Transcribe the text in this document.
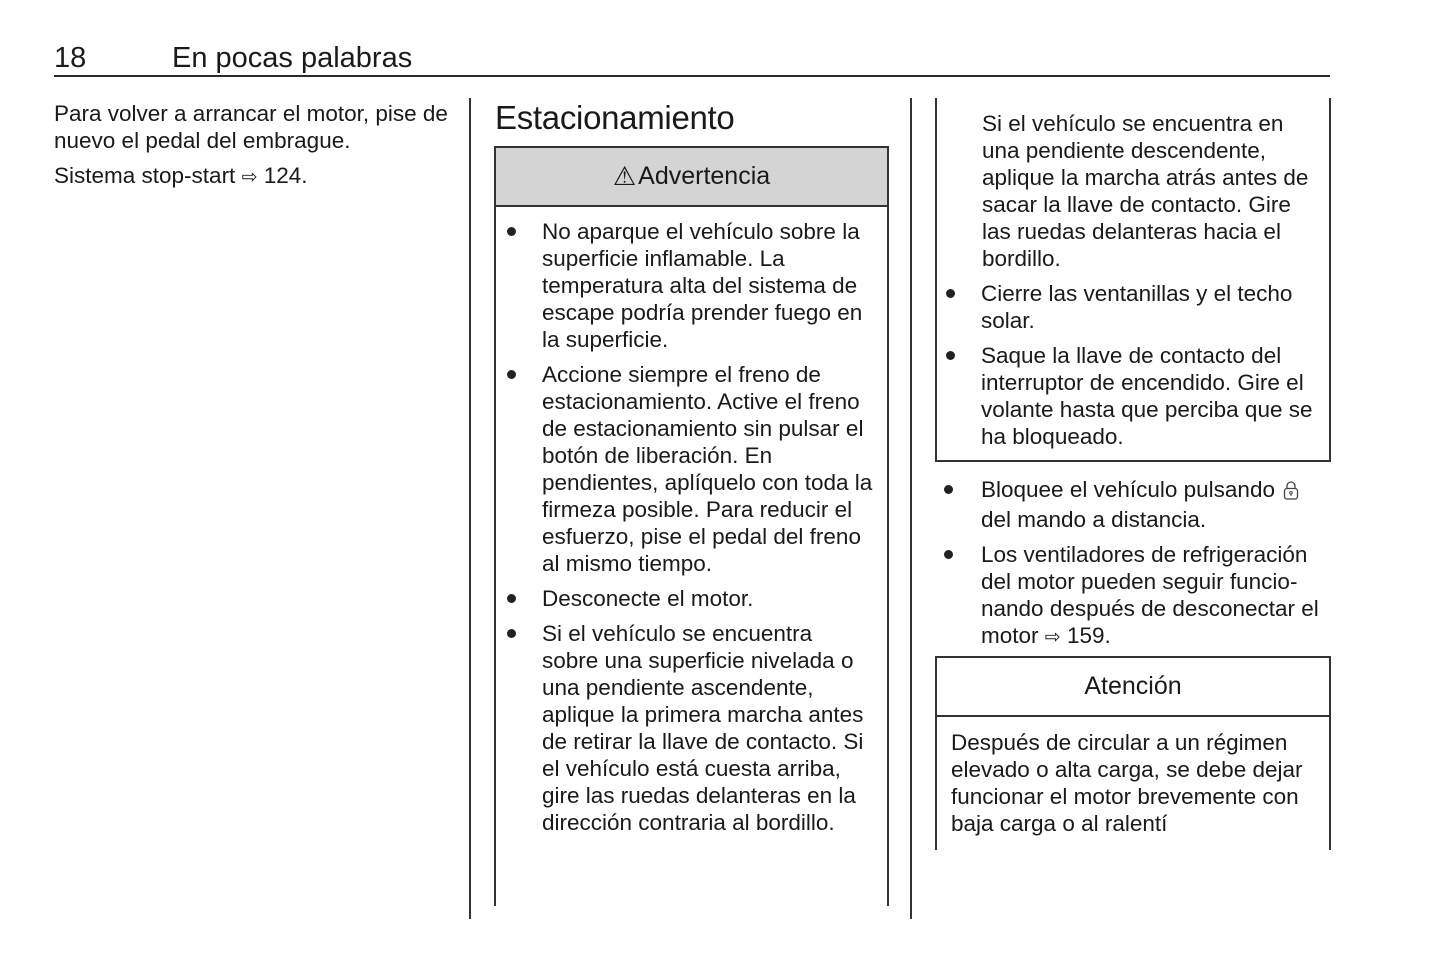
18	En pocas palabras

Para volver a arrancar el motor, pise de nuevo el pedal del embrague.

Sistema stop-start ⇨ 124.

Estacionamiento
⚠ Advertencia
No aparque el vehículo sobre la superficie inflamable. La temperatura alta del sistema de escape podría prender fuego en la superficie.
Accione siempre el freno de estacionamiento. Active el freno de estacionamiento sin pulsar el botón de liberación. En pendientes, aplíquelo con toda la firmeza posible. Para reducir el esfuerzo, pise el pedal del freno al mismo tiempo.
Desconecte el motor.
Si el vehículo se encuentra sobre una superficie nivelada o una pendiente ascendente, aplique la primera marcha antes de retirar la llave de contacto. Si el vehículo está cuesta arriba, gire las ruedas delanteras en la dirección contraria al bordillo.
Si el vehículo se encuentra en una pendiente descendente, aplique la marcha atrás antes de sacar la llave de contacto. Gire las ruedas delanteras hacia el bordillo.
Cierre las ventanillas y el techo solar.
Saque la llave de contacto del interruptor de encendido. Gire el volante hasta que perciba que se ha bloqueado.
Bloquee el vehículo pulsando  del mando a distancia.
Los ventiladores de refrigeración del motor pueden seguir funcionando después de desconectar el motor ⇨ 159.
Atención
Después de circular a un régimen elevado o alta carga, se debe dejar funcionar el motor brevemente con baja carga o al ralentí
